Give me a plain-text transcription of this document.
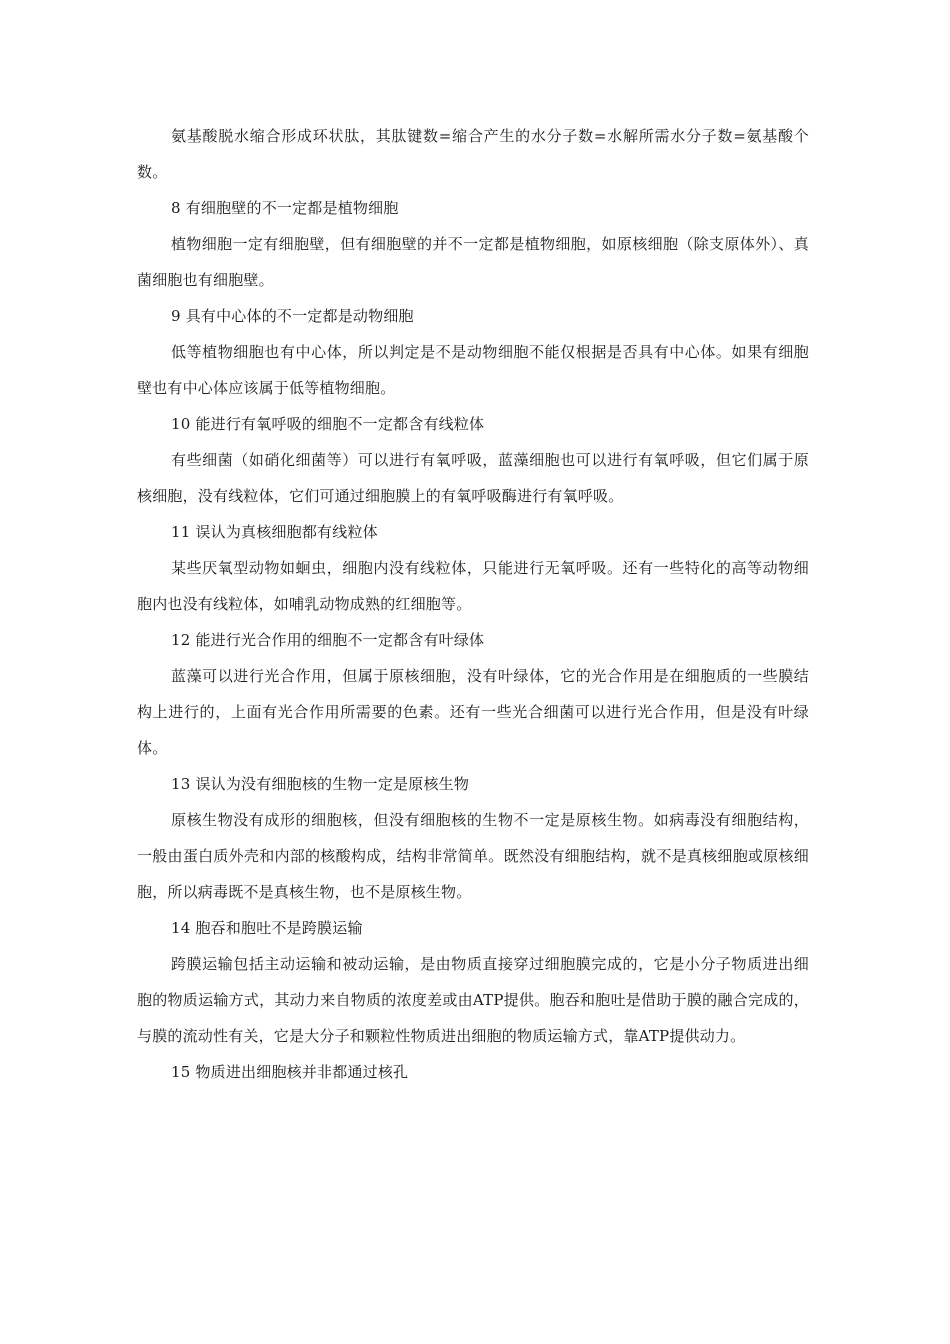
氨基酸脱水缩合形成环状肽，其肽键数=缩合产生的水分子数=水解所需水分子数=氨基酸个数。

8 有细胞壁的不一定都是植物细胞

植物细胞一定有细胞壁，但有细胞壁的并不一定都是植物细胞，如原核细胞（除支原体外）、真菌细胞也有细胞壁。

9 具有中心体的不一定都是动物细胞

低等植物细胞也有中心体，所以判定是不是动物细胞不能仅根据是否具有中心体。如果有细胞壁也有中心体应该属于低等植物细胞。

10 能进行有氧呼吸的细胞不一定都含有线粒体

有些细菌（如硝化细菌等）可以进行有氧呼吸，蓝藻细胞也可以进行有氧呼吸，但它们属于原核细胞，没有线粒体，它们可通过细胞膜上的有氧呼吸酶进行有氧呼吸。

11 误认为真核细胞都有线粒体

某些厌氧型动物如蛔虫，细胞内没有线粒体，只能进行无氧呼吸。还有一些特化的高等动物细胞内也没有线粒体，如哺乳动物成熟的红细胞等。

12 能进行光合作用的细胞不一定都含有叶绿体

蓝藻可以进行光合作用，但属于原核细胞，没有叶绿体，它的光合作用是在细胞质的一些膜结构上进行的，上面有光合作用所需要的色素。还有一些光合细菌可以进行光合作用，但是没有叶绿体。

13 误认为没有细胞核的生物一定是原核生物

原核生物没有成形的细胞核，但没有细胞核的生物不一定是原核生物。如病毒没有细胞结构，一般由蛋白质外壳和内部的核酸构成，结构非常简单。既然没有细胞结构，就不是真核细胞或原核细胞，所以病毒既不是真核生物，也不是原核生物。

14 胞吞和胞吐不是跨膜运输

跨膜运输包括主动运输和被动运输，是由物质直接穿过细胞膜完成的，它是小分子物质进出细胞的物质运输方式，其动力来自物质的浓度差或由ATP提供。胞吞和胞吐是借助于膜的融合完成的，与膜的流动性有关，它是大分子和颗粒性物质进出细胞的物质运输方式，靠ATP提供动力。

15 物质进出细胞核并非都通过核孔
